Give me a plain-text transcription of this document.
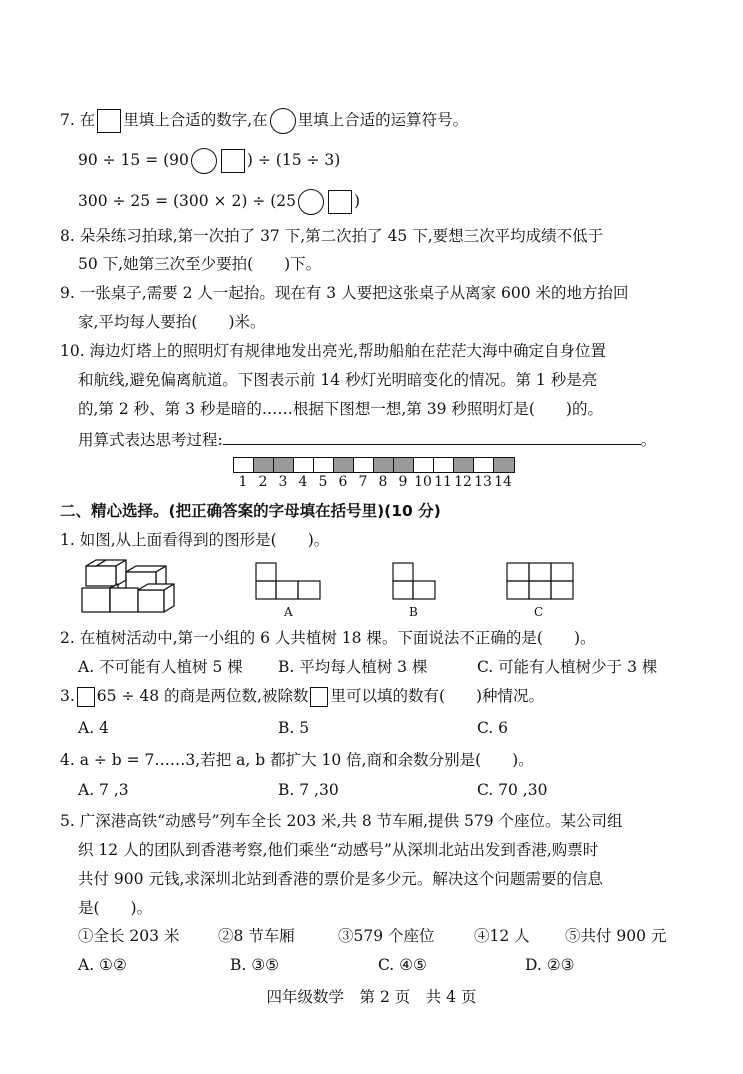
7. 在 里填上合适的数字,在 里填上合适的运算符号。
90 ÷ 15 = (90	) ÷ (15 ÷ 3)
300 ÷ 25 = (300 × 2) ÷ (25	)
8. 朵朵练习拍球,第一次拍了 37 下,第二次拍了 45 下,要想三次平均成绩不低于
50 下,她第三次至少要拍(　　)下。
9. 一张桌子,需要 2 人一起抬。现在有 3 人要把这张桌子从离家 600 米的地方抬回
家,平均每人要抬(　　)米。
10. 海边灯塔上的照明灯有规律地发出亮光,帮助船舶在茫茫大海中确定自身位置
和航线,避免偏离航道。下图表示前 14 秒灯光明暗变化的情况。第 1 秒是亮
的,第 2 秒、第 3 秒是暗的……根据下图想一想,第 39 秒照明灯是(　　)的。
用算式表达思考过程:	。
1 2 3 4 5 6 7 8 9 10 11 12 13 14
二、精心选择。(把正确答案的字母填在括号里)(10 分)
1. 如图,从上面看得到的图形是(　　)。
A	B	C
2. 在植树活动中,第一小组的 6 人共植树 18 棵。下面说法不正确的是(　　)。
A. 不可能有人植树 5 棵 B. 平均每人植树 3 棵	C. 可能有人植树少于 3 棵
3. 65 ÷ 48 的商是两位数,被除数 里可以填的数有(　　)种情况。
A. 4	B. 5	C. 6
4. a ÷ b = 7……3,若把 a, b 都扩大 10 倍,商和余数分别是(　　)。
A. 7 ,3	B. 7 ,30	C. 70 ,30
5. 广深港高铁“动感号”列车全长 203 米,共 8 节车厢,提供 579 个座位。某公司组
织 12 人的团队到香港考察,他们乘坐“动感号”从深圳北站出发到香港,购票时
共付 900 元钱,求深圳北站到香港的票价是多少元。解决这个问题需要的信息
是(　　)。
①全长 203 米 ②8 节车厢	③579 个座位	④12 人 ⑤共付 900 元
A. ①②	B. ③⑤	C. ④⑤	D. ②③
四年级数学　第 2 页　共 4 页
